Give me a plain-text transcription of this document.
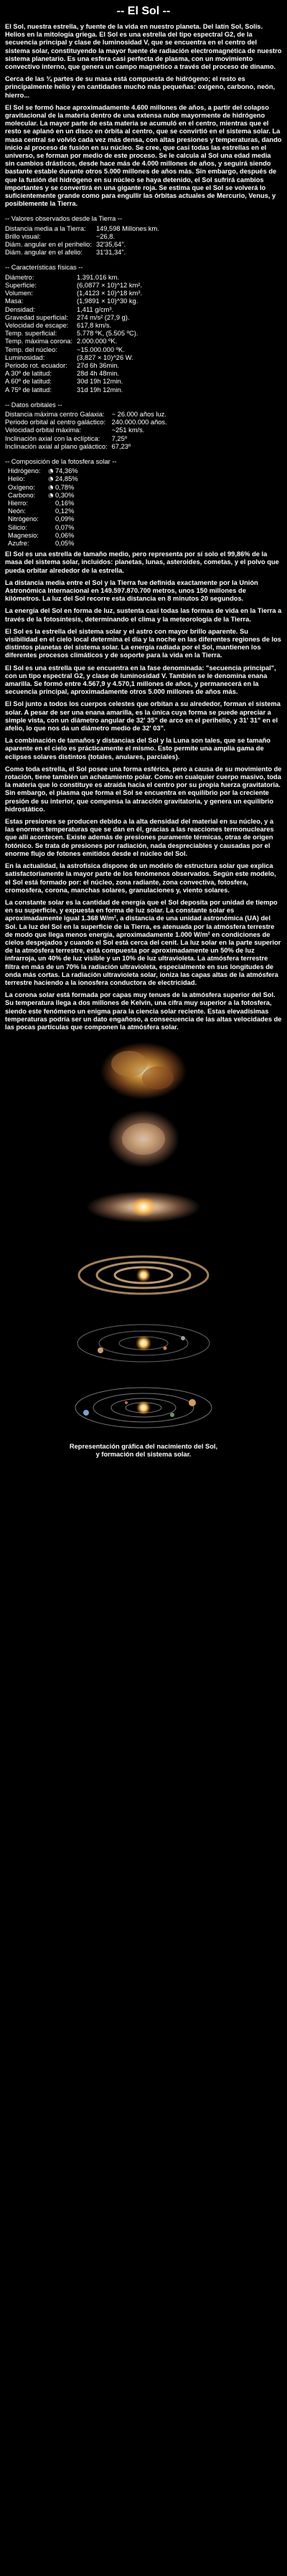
-- El Sol --

El Sol, nuestra estrella, y fuente de la vida en nuestro planeta. Del latín Sol, Solis. Helios en la mitología griega. El Sol es una estrella del tipo espectral G2, de la secuencia principal y clase de luminosidad V, que se encuentra en el centro del sistema solar, constituyendo la mayor fuente de radiación electromagnética de nuestro sistema planetario. Es una esfera casi perfecta de plasma, con un movimiento convectivo interno, que genera un campo magnético a través del proceso de dínamo.

Cerca de las ¾ partes de su masa está compuesta de hidrógeno; el resto es principalmente helio y en cantidades mucho más pequeñas: oxígeno, carbono, neón, hierro...

El Sol se formó hace aproximadamente 4.600 millones de años, a partir del colapso gravitacional de la materia dentro de una extensa nube mayormente de hidrógeno molecular. La mayor parte de esta materia se acumuló en el centro, mientras que el resto se aplanó en un disco en órbita al centro, que se convirtió en el sistema solar. La masa central se volvió cada vez más densa, con altas presiones y temperaturas, dando inicio al proceso de fusión en su núcleo. Se cree, que casi todas las estrellas en el universo, se forman por medio de este proceso. Se le calcula al Sol una edad media sin cambios drásticos, desde hace más de 4.000 millones de años, y seguirá siendo bastante estable durante otros 5.000 millones de años más. Sin embargo, después de que la fusión del hidrógeno en su núcleo se haya detenido, el Sol sufrirá cambios importantes y se convertirá en una gigante roja. Se estima que el Sol se volverá lo suficientemente grande como para engullir las órbitas actuales de Mercurio, Venus, y posiblemente la Tierra.

-- Valores observados desde la Tierra --
Distancia media a la Tierra:	149,598 Millones km.
Brillo visual:	−26,8.
Diám. angular en el perihelio:	32'35,64".
Diám. angular en el afelio:	31'31,34".
-- Características físicas --
Diámetro:	1.391.016 km.
Superficie:	(6,0877 × 10)^12 km².
Volumen:	(1,4123 × 10)^18 km³.
Masa:	(1,9891 × 10)^30 kg.
Densidad:	1,411 g/cm³.
Gravedad superficial:	274 m/s² (27,9 g).
Velocidad de escape:	617,8 km/s.
Temp. superficial:	5.778 ºK, (5.505 ºC).
Temp. máxima corona:	2.000.000 ºK.
Temp. del núcleo:	~15.000.000 ºK.
Luminosidad:	(3,827 × 10)^26 W.
Periodo rot. ecuador:	27d 6h 36min.
A 30º de latitud:	28d 4h 48min.
A 60º de latitud:	30d 19h 12min.
A 75º de latitud:	31d 19h 12min.
-- Datos orbitales --
Distancia máxima centro Galaxia:	~ 26.000 años luz.
Periodo orbital al centro galáctico:	240.000.000 años.
Velocidad orbital máxima:	~251 km/s.
Inclinación axial con la eclíptica:	7,25º
Inclinación axial al plano galáctico:	67,23º
-- Composición de la fotosfera solar --
Hidrógeno:		74,36%
Helio:		24,85%
Oxígeno:		0,78%
Carbono:		0,30%
Hierro:		0,16%
Neón:		0,12%
Nitrógeno:		0,09%
Silicio:		0,07%
Magnesio:		0,06%
Azufre:		0,05%

El Sol es una estrella de tamaño medio, pero representa por sí solo el 99,86% de la masa del sistema solar, incluidos: planetas, lunas, asteroides, cometas, y el polvo que pueda orbitar alrededor de la estrella.

La distancia media entre el Sol y la Tierra fue definida exactamente por la Unión Astronómica Internacional en 149.597.870.700 metros, unos 150 millones de kilómetros. La luz del Sol recorre esta distancia en 8 minutos 20 segundos.

La energía del Sol en forma de luz, sustenta casi todas las formas de vida en la Tierra a través de la fotosíntesis, determinando el clima y la meteorología de la Tierra.

El Sol es la estrella del sistema solar y el astro con mayor brillo aparente. Su visibilidad en el cielo local determina el día y la noche en las diferentes regiones de los distintos planetas del sistema solar. La energía radiada por el Sol, mantienen los diferentes procesos climáticos y de soporte para la vida en la Tierra.

El Sol es una estrella que se encuentra en la fase denominada: "secuencia principal", con un tipo espectral G2, y clase de luminosidad V. También se le denomina enana amarilla. Se formó entre 4.567,9 y 4.570,1 millones de años, y permanecerá en la secuencia principal, aproximadamente otros 5.000 millones de años más.

El Sol junto a todos los cuerpos celestes que orbitan a su alrededor, forman el sistema solar. A pesar de ser una enana amarilla, es la única cuya forma se puede apreciar a simple vista, con un diámetro angular de 32' 35" de arco en el perihelio, y 31' 31" en el afelio, lo que nos da un diámetro medio de 32' 03".

La combinación de tamaños y distancias del Sol y la Luna son tales, que se tamaño aparente en el cielo es prácticamente el mismo. Esto permite una amplia gama de eclipses solares distintos (totales, anulares, parciales).

Como toda estrella, el Sol posee una forma esférica, pero a causa de su movimiento de rotación, tiene también un achatamiento polar. Como en cualquier cuerpo masivo, toda la materia que lo constituye es atraída hacia el centro por su propia fuerza gravitatoria. Sin embargo, el plasma que forma el Sol se encuentra en equilibrio por la creciente presión de su interior, que compensa la atracción gravitatoria, y genera un equilibrio hidrostático.

Estas presiones se producen debido a la alta densidad del material en su núcleo, y a las enormes temperaturas que se dan en él, gracias a las reacciones termonucleares que allí acontecen. Existe además de presiones puramente térmicas, otras de origen fotónico. Se trata de presiones por radiación, nada despreciables y causadas por el enorme flujo de fotones emitidos desde el núcleo del Sol.

En la actualidad, la astrofísica dispone de un modelo de estructura solar que explica satisfactoriamente la mayor parte de los fenómenos observados. Según este modelo, el Sol está formado por: el núcleo, zona radiante, zona convectiva, fotosfera, cromosfera, corona, manchas solares, granulaciones y, viento solares.

La constante solar es la cantidad de energía que el Sol deposita por unidad de tiempo en su superficie, y expuesta en forma de luz solar. La constante solar es aproximadamente igual 1.368 W/m², a distancia de una unidad astronómica (UA) del Sol. La luz del Sol en la superficie de la Tierra, es atenuada por la atmósfera terrestre de modo que llega menos energía, aproximadamente 1.000 W/m² en condiciones de cielos despejados y cuando el Sol está cerca del cenit. La luz solar en la parte superior de la atmósfera terrestre, está compuesta por aproximadamente un 50% de luz infrarroja, un 40% de luz visible y un 10% de luz ultravioleta. La atmósfera terrestre filtra en más de un 70% la radiación ultravioleta, especialmente en sus longitudes de onda más cortas. La radiación ultravioleta solar, ioniza las capas altas de la atmósfera terrestre haciendo a la ionosfera conductora de electricidad.

La corona solar está formada por capas muy tenues de la atmósfera superior del Sol. Su temperatura llega a dos millones de Kelvin, una cifra muy superior a la fotosfera, siendo este fenómeno un enigma para la ciencia solar reciente. Estas elevadísimas temperaturas podría ser un dato engañoso, a consecuencia de las altas velocidades de las pocas partículas que componen la atmósfera solar.

Representación gráfica del nacimiento del Sol,
y formación del sistema solar.
